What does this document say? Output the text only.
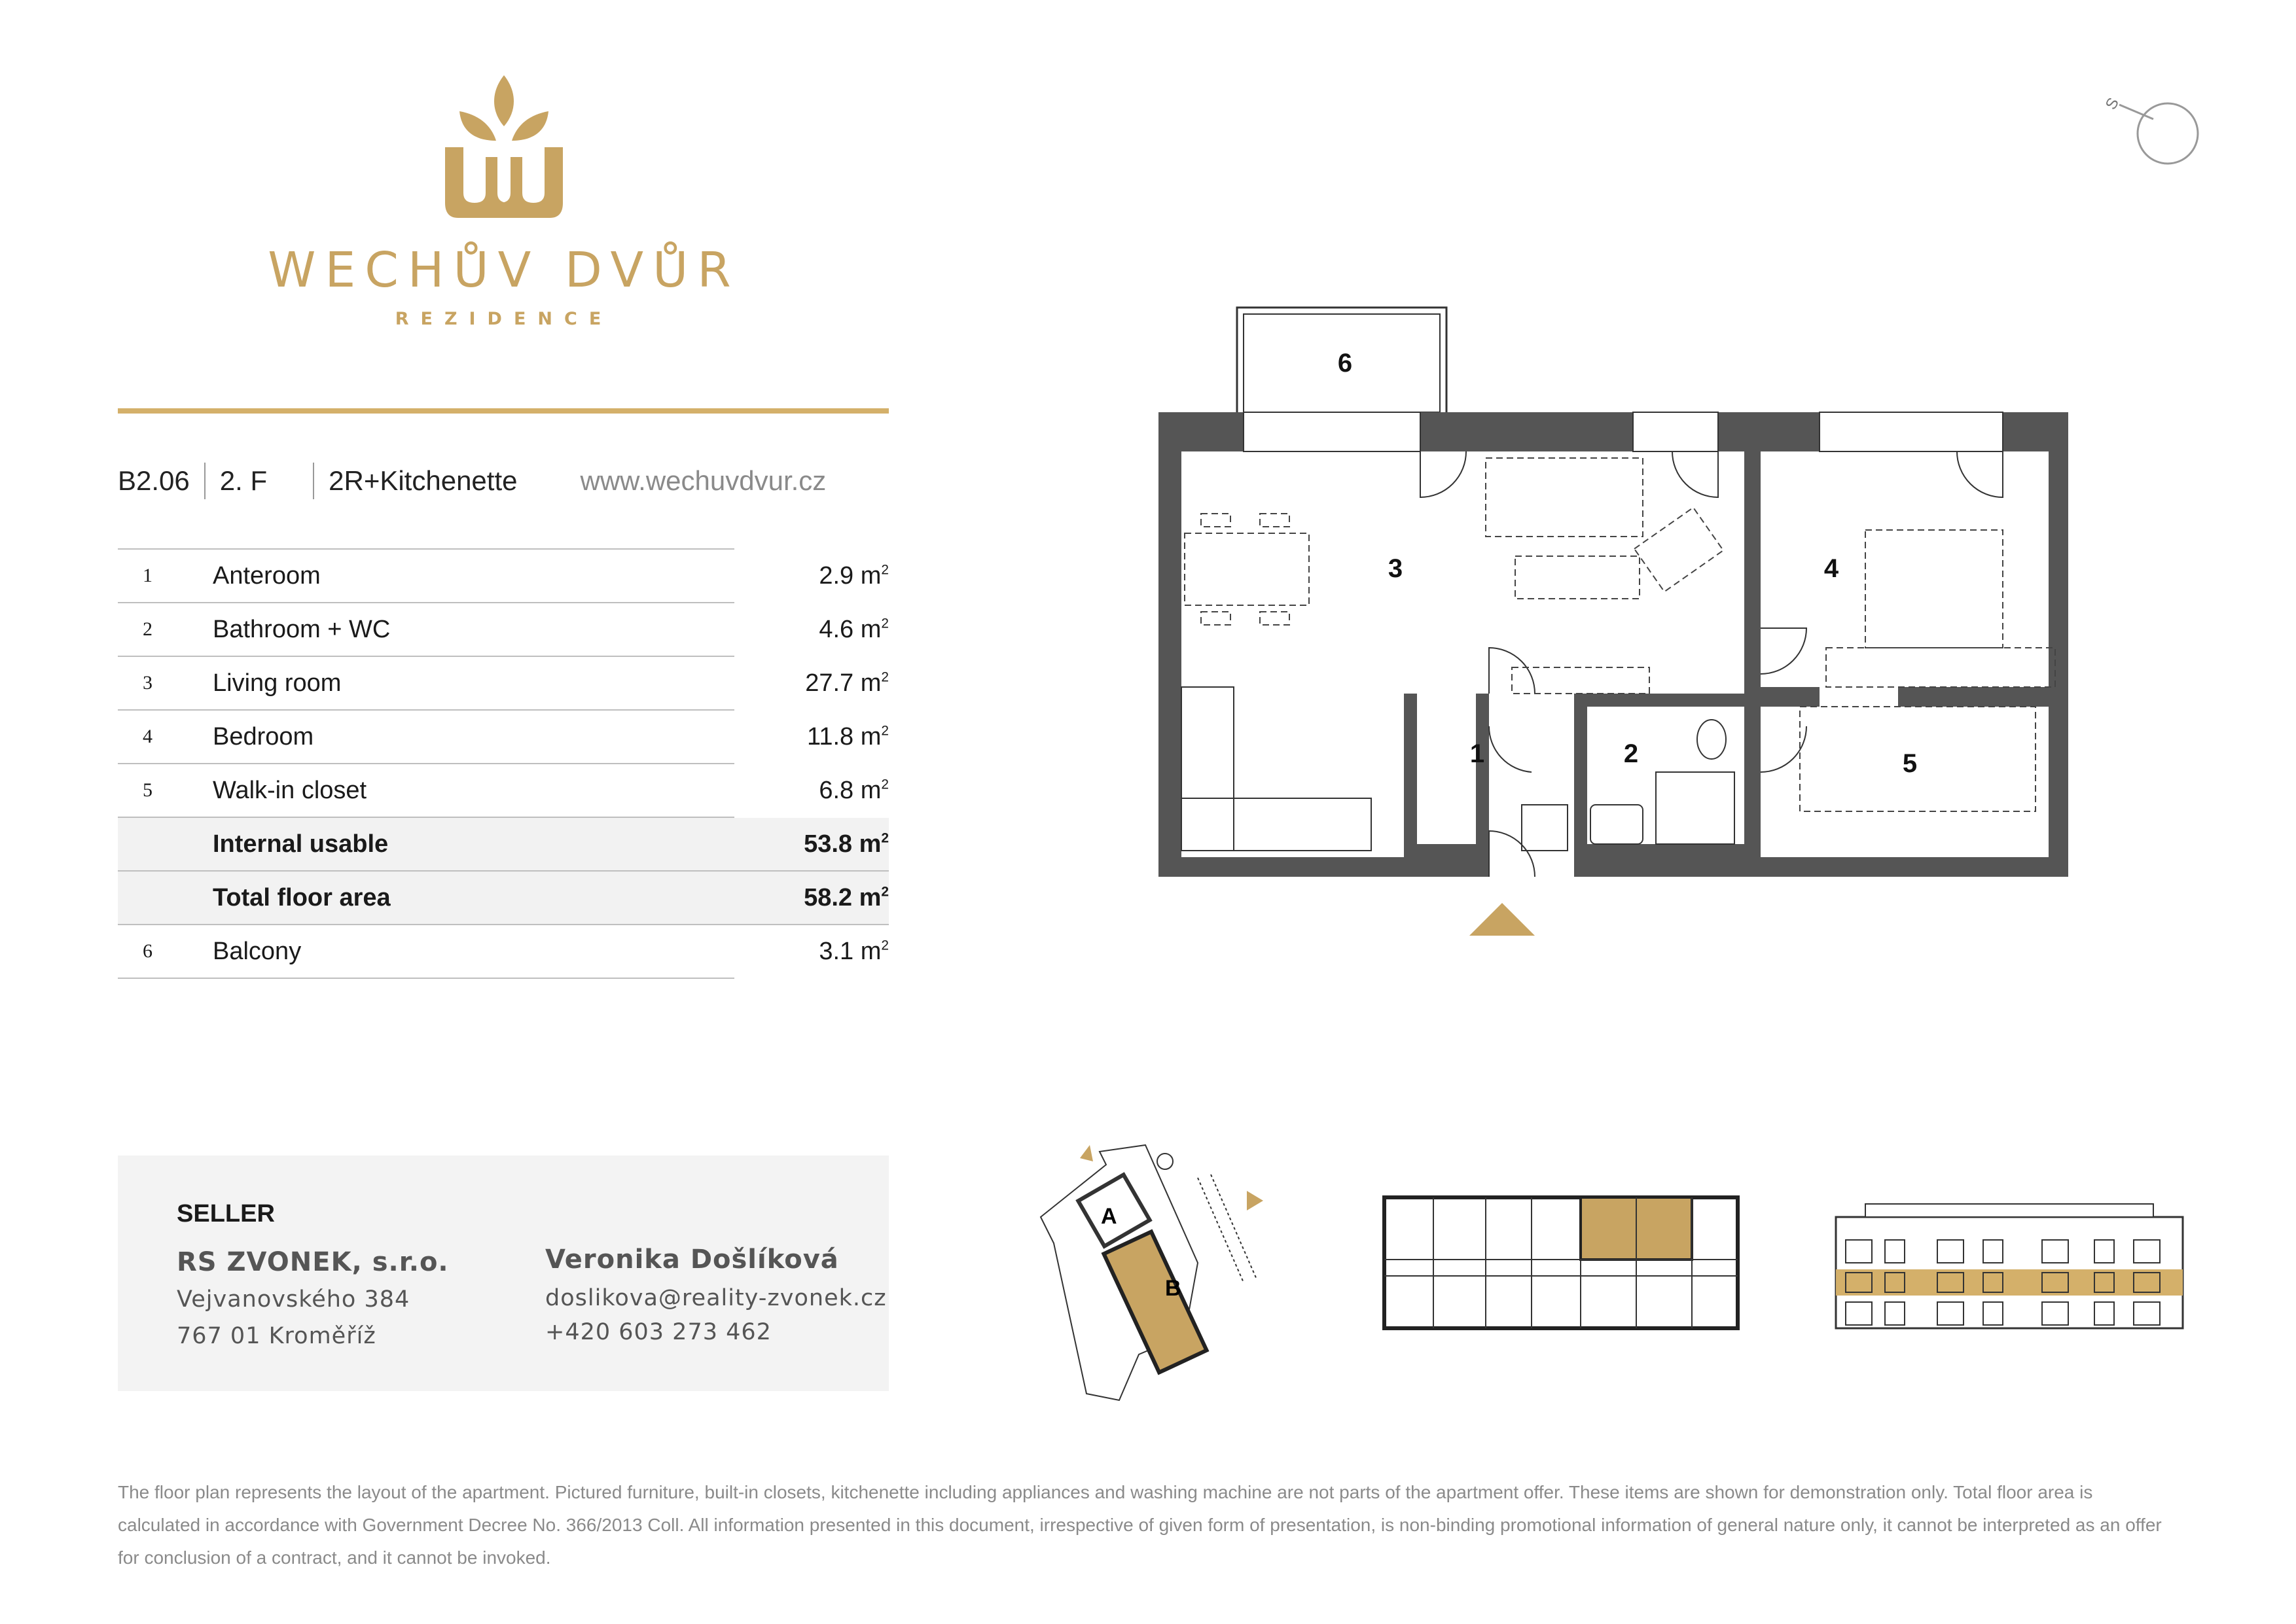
WECHŮV DVŮR
REZIDENCE
B2.06 2. F 2R+Kitchenette www.wechuvdvur.cz
1	Anteroom	2.9 $m^2$
2	Bathroom + WC	4.6 $m^2$
3	Living room	27.7 $m^2$
4	Bedroom	11.8 $m^2$
5	Walk-in closet	6.8 $m^2$
Internal usable	53.8 $m^2$
Total floor area	58.2 $m^2$
6	Balcony	3.1 $m^2$
S
6
3	4
1	2	5
SELLER
RS ZVONEK, s.r.o.
Vejvanovského 384
767 01 Kroměříž
Veronika Došlíková
doslikova@reality-zvonek.cz
+420 603 273 462
A
B
The floor plan represents the layout of the apartment. Pictured furniture, built-in closets, kitchenette including appliances and washing machine are not parts of the apartment offer. These items are shown for demonstration only. Total floor area is calculated in accordance with Government Decree No. 366/2013 Coll. All information presented in this document, irrespective of given form of presentation, is non-binding promotional information of general nature only, it cannot be interpreted as an offer for conclusion of a contract, and it cannot be invoked.
